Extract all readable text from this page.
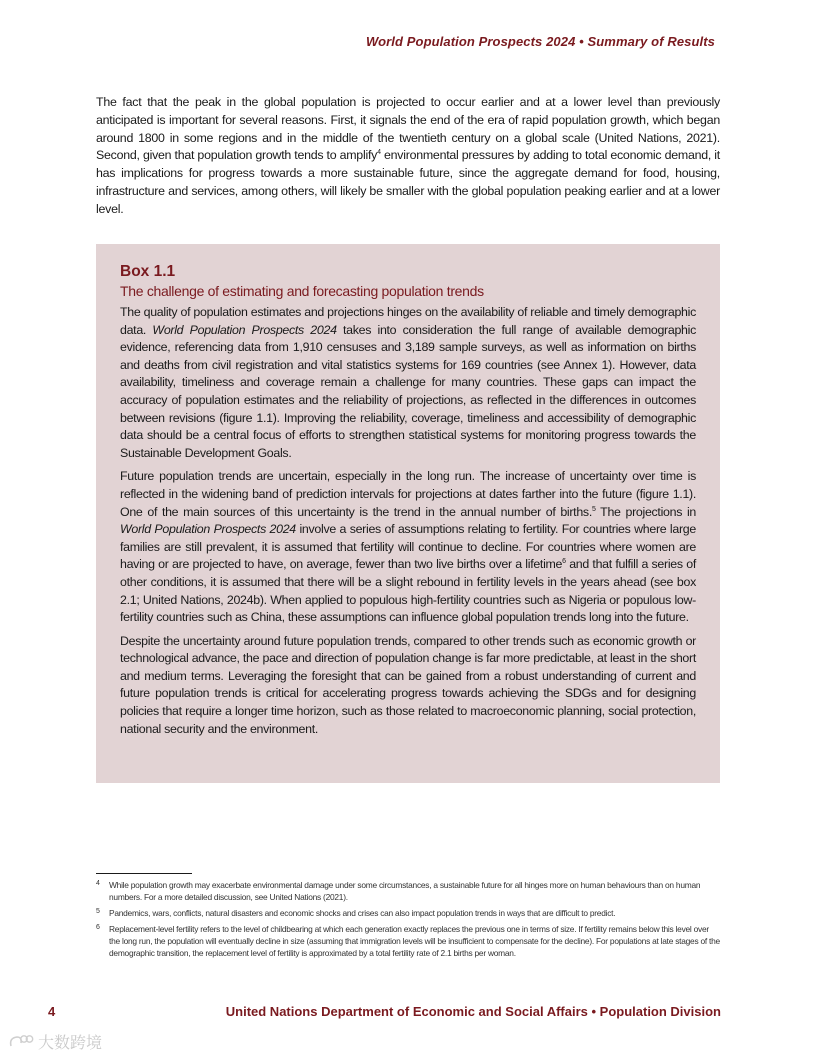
World Population Prospects 2024 • Summary of Results

The fact that the peak in the global population is projected to occur earlier and at a lower level than previously anticipated is important for several reasons. First, it signals the end of the era of rapid population growth, which began around 1800 in some regions and in the middle of the twentieth century on a global scale (United Nations, 2021). Second, given that population growth tends to amplify$^4$ environmental pressures by adding to total economic demand, it has implications for progress towards a more sustainable future, since the aggregate demand for food, housing, infrastructure and services, among others, will likely be smaller with the global population peaking earlier and at a lower level.

Box 1.1
The challenge of estimating and forecasting population trends

The quality of population estimates and projections hinges on the availability of reliable and timely demographic data. World Population Prospects 2024 takes into consideration the full range of available demographic evidence, referencing data from 1,910 censuses and 3,189 sample surveys, as well as information on births and deaths from civil registration and vital statistics systems for 169 countries (see Annex 1). However, data availability, timeliness and coverage remain a challenge for many countries. These gaps can impact the accuracy of population estimates and the reliability of projections, as reflected in the differences in outcomes between revisions (figure 1.1). Improving the reliability, coverage, timeliness and accessibility of demographic data should be a central focus of efforts to strengthen statistical systems for monitoring progress towards the Sustainable Development Goals.

Future population trends are uncertain, especially in the long run. The increase of uncertainty over time is reflected in the widening band of prediction intervals for projections at dates farther into the future (figure 1.1). One of the main sources of this uncertainty is the trend in the annual number of births.$^5$ The projections in World Population Prospects 2024 involve a series of assumptions relating to fertility. For countries where large families are still prevalent, it is assumed that fertility will continue to decline. For countries where women are having or are projected to have, on average, fewer than two live births over a lifetime$^6$ and that fulfill a series of other conditions, it is assumed that there will be a slight rebound in fertility levels in the years ahead (see box 2.1; United Nations, 2024b). When applied to populous high-fertility countries such as Nigeria or populous low-fertility countries such as China, these assumptions can influence global population trends long into the future.

Despite the uncertainty around future population trends, compared to other trends such as economic growth or technological advance, the pace and direction of population change is far more predictable, at least in the short and medium terms. Leveraging the foresight that can be gained from a robust understanding of current and future population trends is critical for accelerating progress towards achieving the SDGs and for designing policies that require a longer time horizon, such as those related to macroeconomic planning, social protection, national security and the environment.

4	While population growth may exacerbate environmental damage under some circumstances, a sustainable future for all hinges more on human behaviours than on human numbers. For a more detailed discussion, see United Nations (2021).
5	Pandemics, wars, conflicts, natural disasters and economic shocks and crises can also impact population trends in ways that are difficult to predict.
6	Replacement-level fertility refers to the level of childbearing at which each generation exactly replaces the previous one in terms of size. If fertility remains below this level over the long run, the population will eventually decline in size (assuming that immigration levels will be insufficient to compensate for the decline). For populations at late stages of the demographic transition, the replacement level of fertility is approximated by a total fertility rate of 2.1 births per woman.
4	United Nations Department of Economic and Social Affairs • Population Division
大数跨境
